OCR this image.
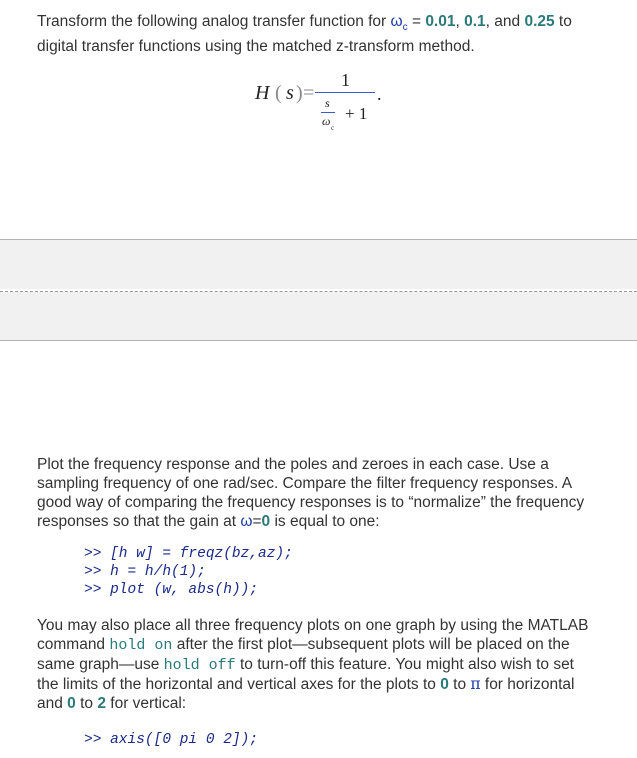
Transform the following analog transfer function for $\omega_c = 0.01$, 0.1, and 0.25 to
digital transfer functions using the matched z-transform method.

H ( s ) =
1
s
ω c
+ 1
.

Plot the frequency response and the poles and zeroes in each case. Use a
sampling frequency of one rad/sec. Compare the filter frequency responses. A
good way of comparing the frequency responses is to “normalize” the frequency
responses so that the gain at ω=0 is equal to one:

>> [h w] = freqz(bz,az);
>> h = h/h(1);
>> plot (w, abs(h));

You may also place all three frequency plots on one graph by using the MATLAB
command hold on after the first plot—subsequent plots will be placed on the
same graph—use hold off to turn-off this feature. You might also wish to set
the limits of the horizontal and vertical axes for the plots to 0 to π for horizontal
and 0 to 2 for vertical:

>> axis([0 pi 0 2]);
